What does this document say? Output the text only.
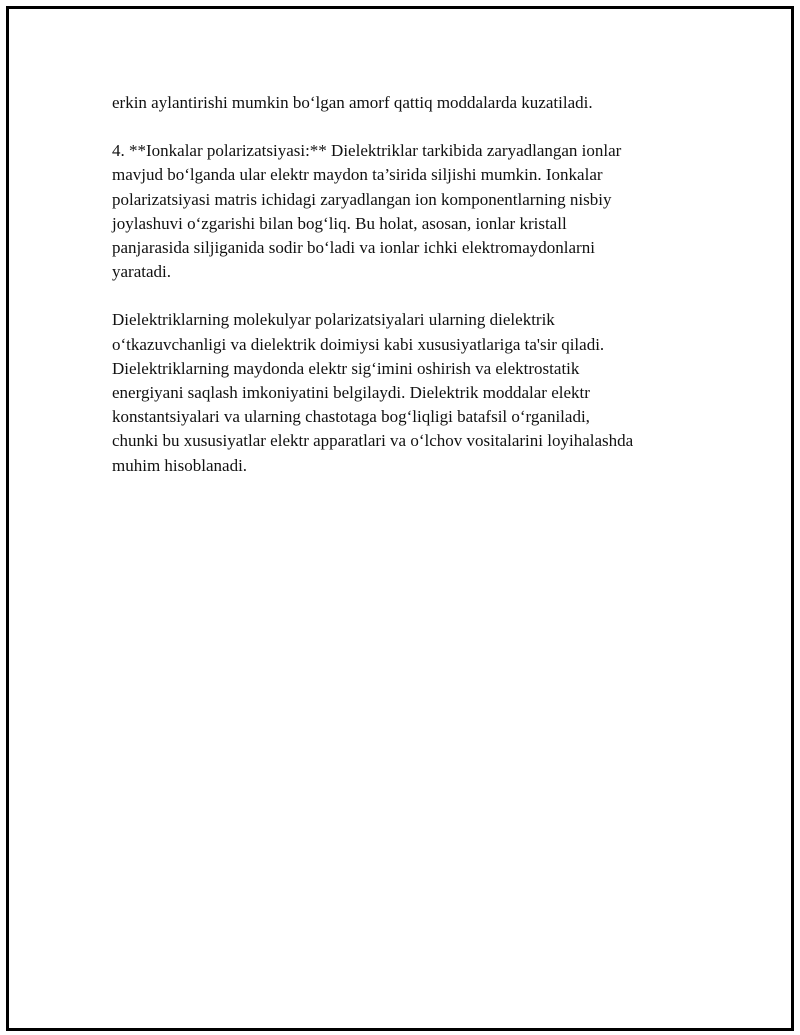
erkin aylantirishi mumkin bo‘lgan amorf qattiq moddalarda kuzatiladi.

4. **Ionkalar polarizatsiyasi:** Dielektriklar tarkibida zaryadlangan ionlar
mavjud bo‘lganda ular elektr maydon ta’sirida siljishi mumkin. Ionkalar
polarizatsiyasi matris ichidagi zaryadlangan ion komponentlarning nisbiy
joylashuvi o‘zgarishi bilan bog‘liq. Bu holat, asosan, ionlar kristall
panjarasida siljiganida sodir bo‘ladi va ionlar ichki elektromaydonlarni
yaratadi.

Dielektriklarning molekulyar polarizatsiyalari ularning dielektrik
o‘tkazuvchanligi va dielektrik doimiysi kabi xususiyatlariga ta'sir qiladi.
Dielektriklarning maydonda elektr sig‘imini oshirish va elektrostatik
energiyani saqlash imkoniyatini belgilaydi. Dielektrik moddalar elektr
konstantsiyalari va ularning chastotaga bog‘liqligi batafsil o‘rganiladi,
chunki bu xususiyatlar elektr apparatlari va o‘lchov vositalarini loyihalashda
muhim hisoblanadi.
